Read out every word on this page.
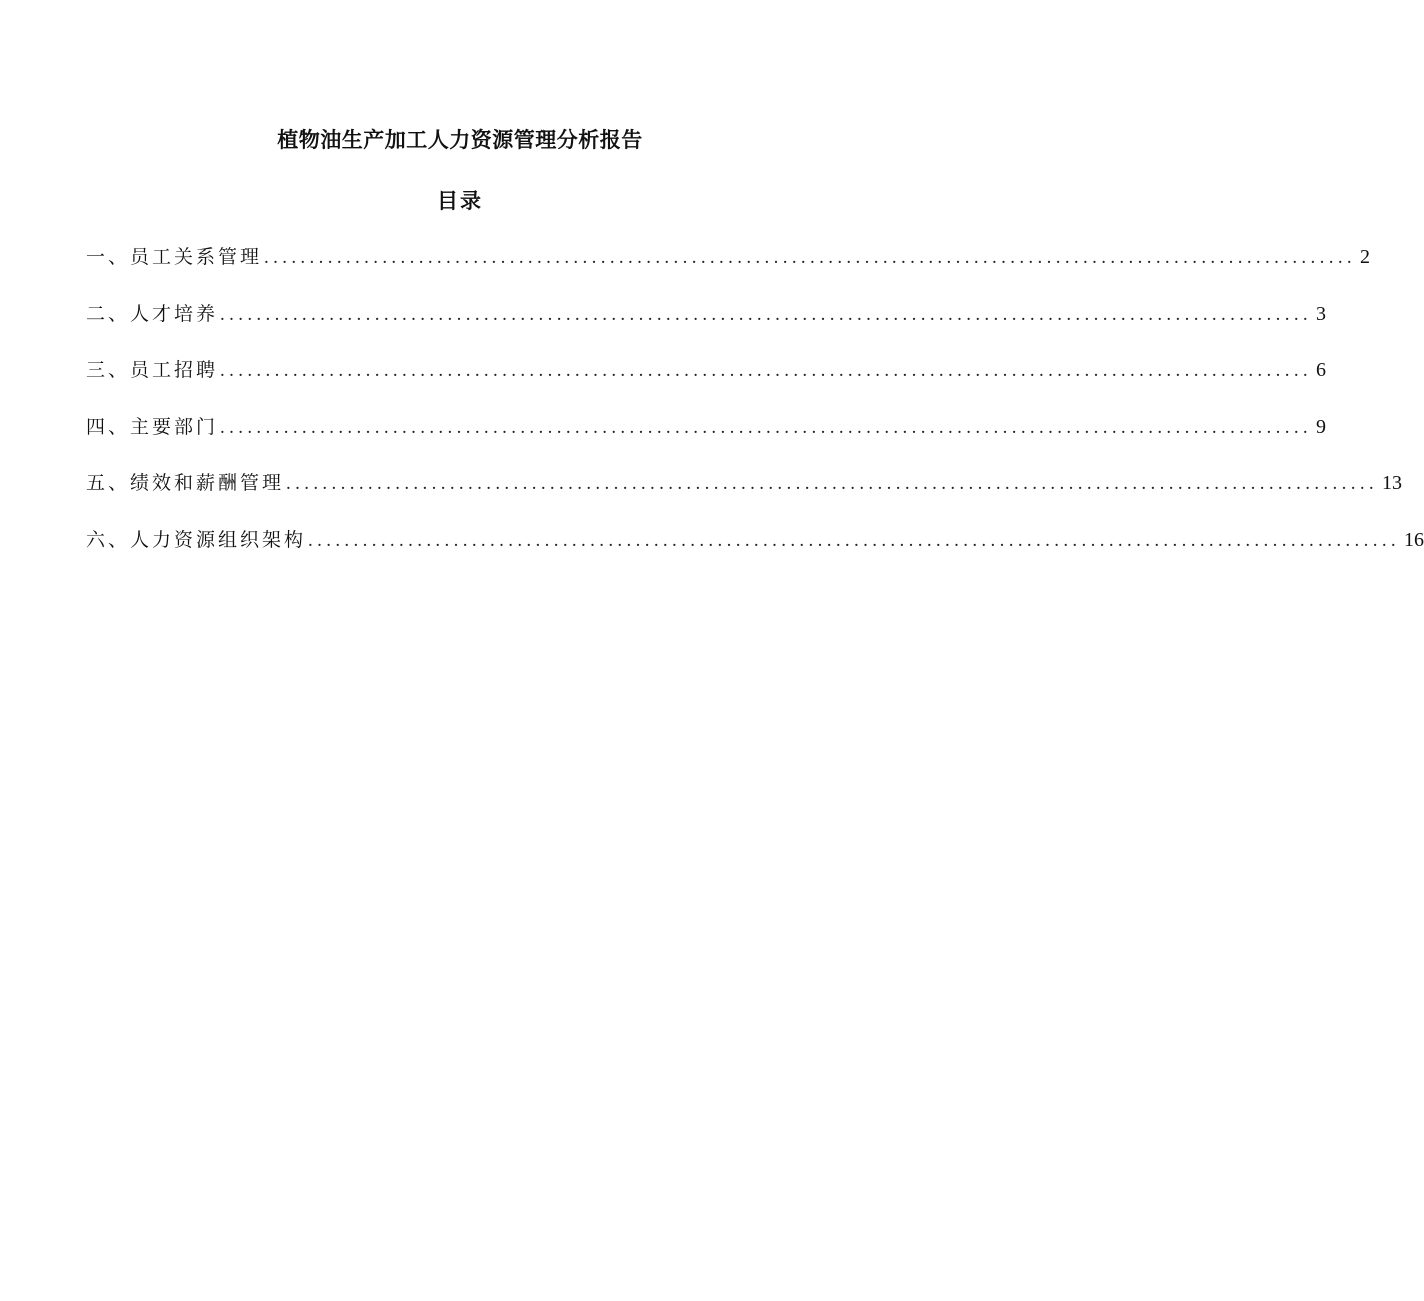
植物油生产加工人力资源管理分析报告
目录
一、员工关系管理 ........................................................................................................................ 2
二、人才培养 ........................................................................................................................ 3
三、员工招聘 ........................................................................................................................ 6
四、主要部门 ........................................................................................................................ 9
五、绩效和薪酬管理 ........................................................................................................................ 13
六、人力资源组织架构 ........................................................................................................................ 16
